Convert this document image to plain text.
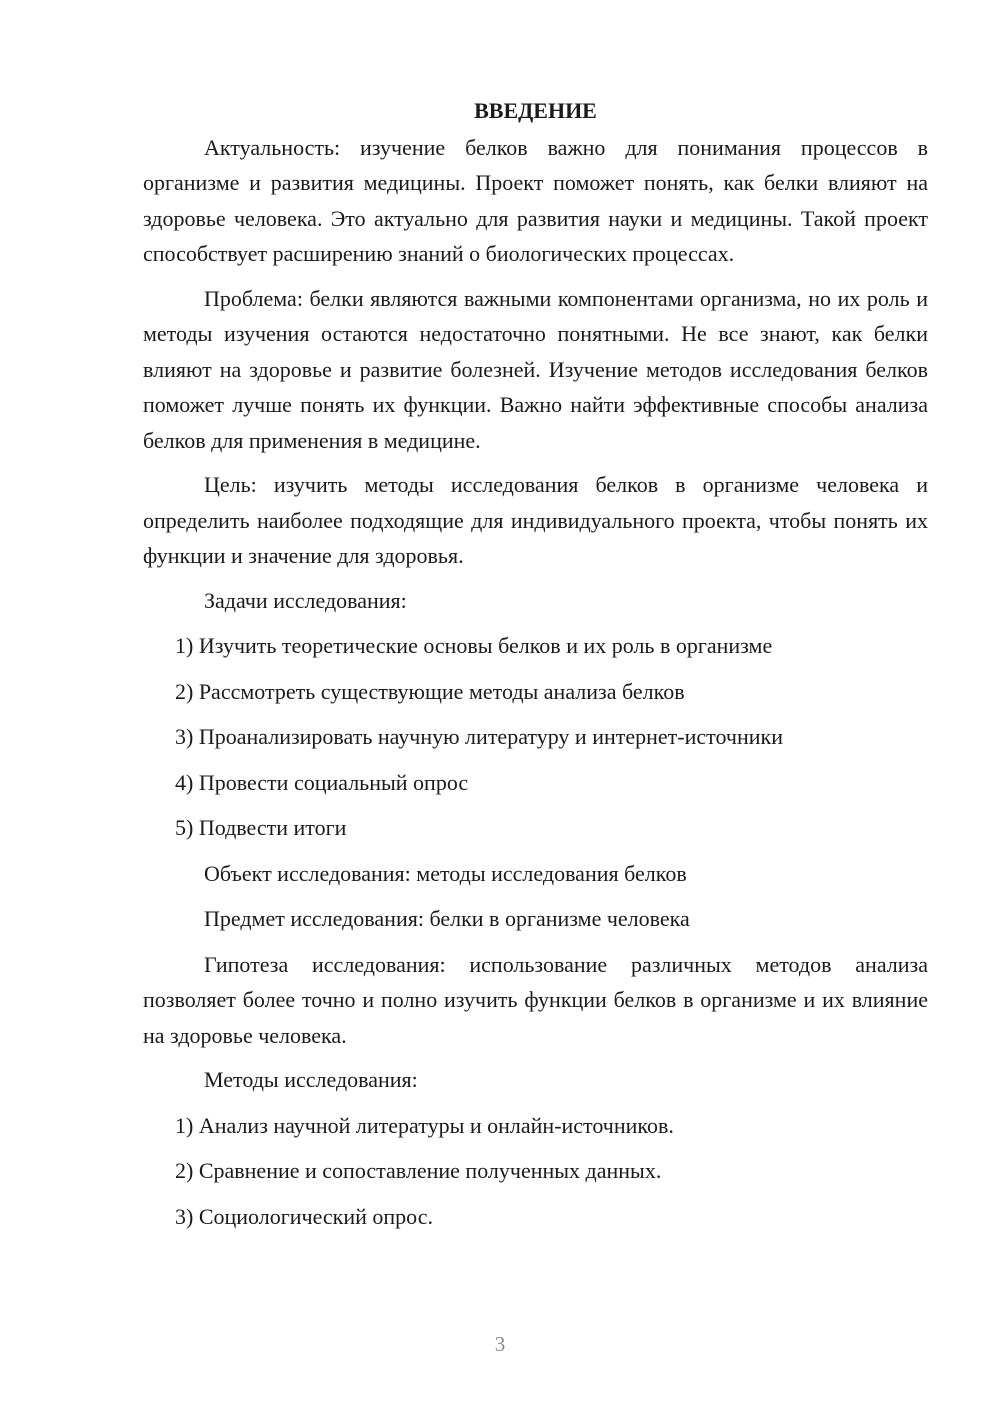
ВВЕДЕНИЕ

Актуальность: изучение белков важно для понимания процессов в организме и развития медицины. Проект поможет понять, как белки влияют на здоровье человека. Это актуально для развития науки и медицины. Такой проект способствует расширению знаний о биологических процессах.

Проблема: белки являются важными компонентами организма, но их роль и методы изучения остаются недостаточно понятными. Не все знают, как белки влияют на здоровье и развитие болезней. Изучение методов исследования белков поможет лучше понять их функции. Важно найти эффективные способы анализа белков для применения в медицине.

Цель: изучить методы исследования белков в организме человека и определить наиболее подходящие для индивидуального проекта, чтобы понять их функции и значение для здоровья.

Задачи исследования:

1) Изучить теоретические основы белков и их роль в организме

2) Рассмотреть существующие методы анализа белков

3) Проанализировать научную литературу и интернет-источники

4) Провести социальный опрос

5) Подвести итоги

Объект исследования: методы исследования белков

Предмет исследования: белки в организме человека

Гипотеза исследования: использование различных методов анализа позволяет более точно и полно изучить функции белков в организме и их влияние на здоровье человека.

Методы исследования:

1) Анализ научной литературы и онлайн-источников.

2) Сравнение и сопоставление полученных данных.

3) Социологический опрос.

3
